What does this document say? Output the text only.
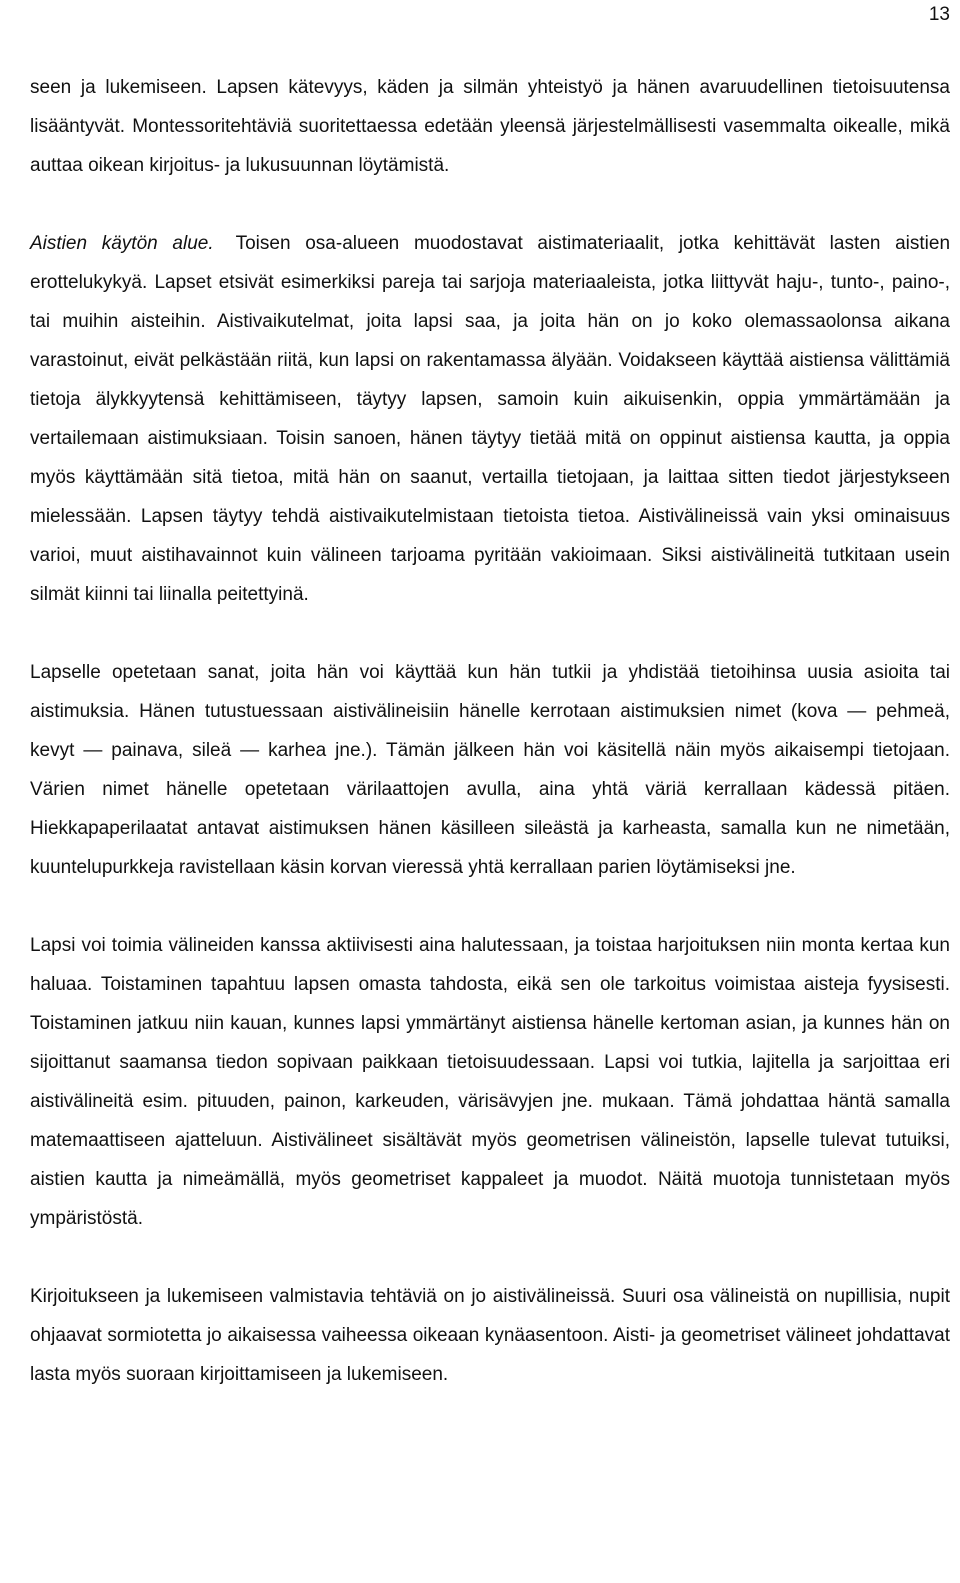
13

seen ja lukemiseen. Lapsen kätevyys, käden ja silmän yhteistyö ja hänen avaruudellinen tietoisuutensa lisääntyvät. Montessoritehtäviä suoritettaessa edetään yleensä järjestelmällisesti vasemmalta oikealle, mikä auttaa oikean kirjoitus- ja lukusuunnan löytämistä.

Aistien käytön alue. Toisen osa-alueen muodostavat aistimateriaalit, jotka kehittävät lasten aistien erottelukykyä. Lapset etsivät esimerkiksi pareja tai sarjoja materiaaleista, jotka liittyvät haju-, tunto-, paino-, tai muihin aisteihin. Aistivaikutelmat, joita lapsi saa, ja joita hän on jo koko olemassaolonsa aikana varastoinut, eivät pelkästään riitä, kun lapsi on rakentamassa älyään. Voidakseen käyttää aistiensa välittämiä tietoja älykkyytensä kehittämiseen, täytyy lapsen, samoin kuin aikuisenkin, oppia ymmärtämään ja vertailemaan aistimuksiaan. Toisin sanoen, hänen täytyy tietää mitä on oppinut aistiensa kautta, ja oppia myös käyttämään sitä tietoa, mitä hän on saanut, vertailla tietojaan, ja laittaa sitten tiedot järjestykseen mielessään. Lapsen täytyy tehdä aistivaikutelmistaan tietoista tietoa. Aistivälineissä vain yksi ominaisuus varioi, muut aistihavainnot kuin välineen tarjoama pyritään vakioimaan. Siksi aistivälineitä tutkitaan usein silmät kiinni tai liinalla peitettyinä.

Lapselle opetetaan sanat, joita hän voi käyttää kun hän tutkii ja yhdistää tietoihinsa uusia asioita tai aistimuksia. Hänen tutustuessaan aistivälineisiin hänelle kerrotaan aistimuksien nimet (kova — pehmeä, kevyt — painava, sileä — karhea jne.). Tämän jälkeen hän voi käsitellä näin myös aikaisempi tietojaan. Värien nimet hänelle opetetaan värilaattojen avulla, aina yhtä väriä kerrallaan kädessä pitäen. Hiekkapaperilaatat antavat aistimuksen hänen käsilleen sileästä ja karheasta, samalla kun ne nimetään, kuuntelupurkkeja ravistellaan käsin korvan vieressä yhtä kerrallaan parien löytämiseksi jne.

Lapsi voi toimia välineiden kanssa aktiivisesti aina halutessaan, ja toistaa harjoituksen niin monta kertaa kun haluaa. Toistaminen tapahtuu lapsen omasta tahdosta, eikä sen ole tarkoitus voimistaa aisteja fyysisesti. Toistaminen jatkuu niin kauan, kunnes lapsi ymmärtänyt aistiensa hänelle kertoman asian, ja kunnes hän on sijoittanut saamansa tiedon sopivaan paikkaan tietoisuudessaan. Lapsi voi tutkia, lajitella ja sarjoittaa eri aistivälineitä esim. pituuden, painon, karkeuden, värisävyjen jne. mukaan. Tämä johdattaa häntä samalla matemaattiseen ajatteluun. Aistivälineet sisältävät myös geometrisen välineistön, lapselle tulevat tutuiksi, aistien kautta ja nimeämällä, myös geometriset kappaleet ja muodot. Näitä muotoja tunnistetaan myös ympäristöstä.

Kirjoitukseen ja lukemiseen valmistavia tehtäviä on jo aistivälineissä. Suuri osa välineistä on nupillisia, nupit ohjaavat sormiotetta jo aikaisessa vaiheessa oikeaan kynäasentoon. Aisti- ja geometriset välineet johdattavat lasta myös suoraan kirjoittamiseen ja lukemiseen.
